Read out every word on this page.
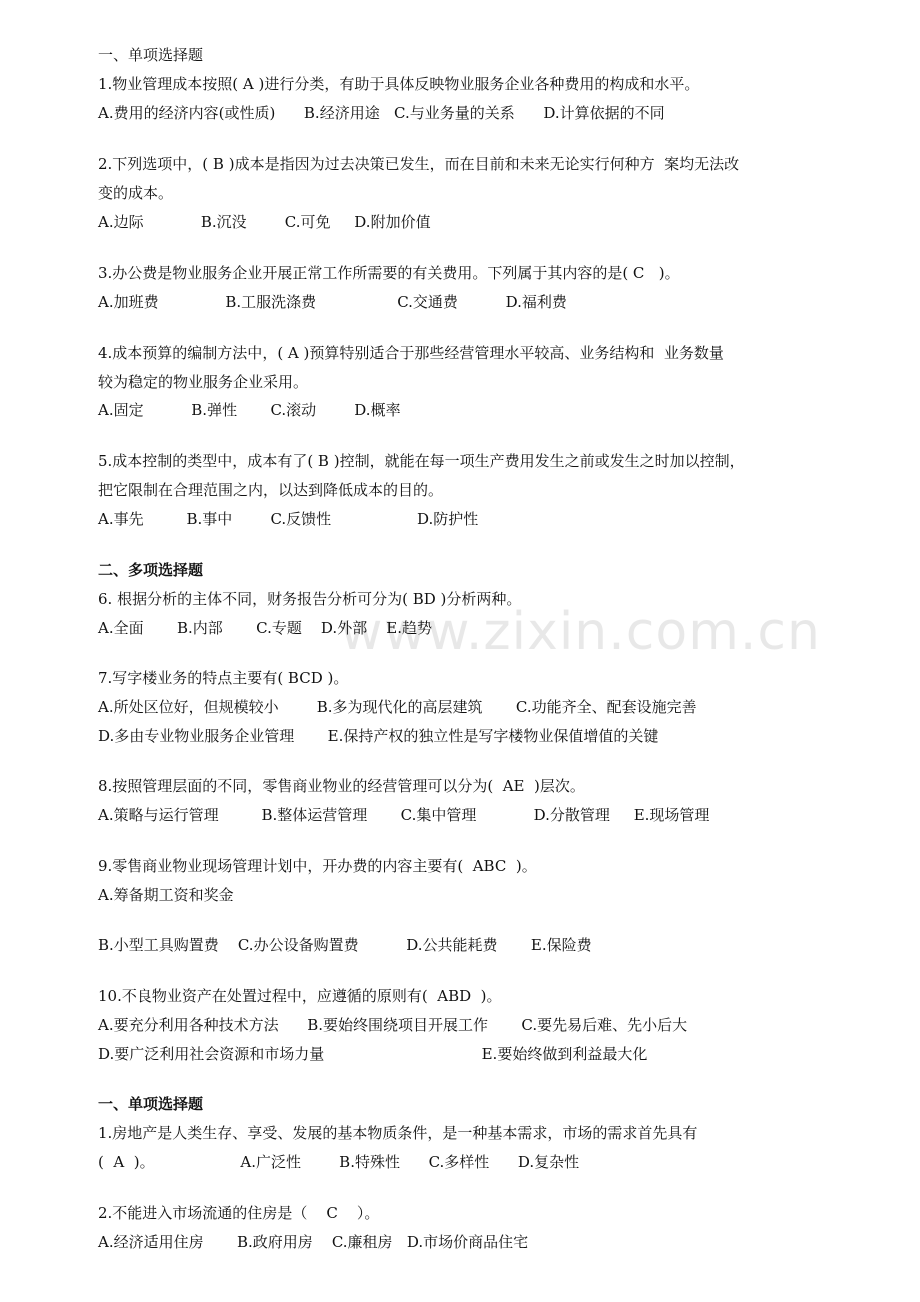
一、单项选择题
1.物业管理成本按照( A )进行分类，有助于具体反映物业服务企业各种费用的构成和水平。
A.费用的经济内容(或性质)      B.经济用途   C.与业务量的关系      D.计算依据的不同
2.下列选项中，( B )成本是指因为过去决策已发生，而在目前和未来无论实行何种方  案均无法改
变的成本。
A.边际            B.沉没        C.可免     D.附加价值
3.办公费是物业服务企业开展正常工作所需要的有关费用。下列属于其内容的是( C   )。
A.加班费              B.工服洗涤费                 C.交通费          D.福利费
4.成本预算的编制方法中，( A )预算特别适合于那些经营管理水平较高、业务结构和  业务数量
较为稳定的物业服务企业采用。
A.固定          B.弹性       C.滚动        D.概率
5.成本控制的类型中，成本有了( B )控制，就能在每一项生产费用发生之前或发生之时加以控制，
把它限制在合理范围之内，以达到降低成本的目的。
A.事先         B.事中        C.反馈性                  D.防护性
二、多项选择题
6. 根据分析的主体不同，财务报告分析可分为( BD )分析两种。
A.全面       B.内部       C.专题    D.外部    E.趋势
7.写字楼业务的特点主要有( BCD )。
A.所处区位好，但规模较小        B.多为现代化的高层建筑       C.功能齐全、配套设施完善
D.多由专业物业服务企业管理       E.保持产权的独立性是写字楼物业保值增值的关键
8.按照管理层面的不同，零售商业物业的经营管理可以分为(  AE  )层次。
A.策略与运行管理         B.整体运营管理       C.集中管理            D.分散管理     E.现场管理
9.零售商业物业现场管理计划中，开办费的内容主要有(  ABC  )。
A.筹备期工资和奖金
B.小型工具购置费    C.办公设备购置费          D.公共能耗费       E.保险费
10.不良物业资产在处置过程中，应遵循的原则有(  ABD  )。
A.要充分利用各种技术方法      B.要始终围绕项目开展工作       C.要先易后难、先小后大
D.要广泛利用社会资源和市场力量                                 E.要始终做到利益最大化
一、单项选择题
1.房地产是人类生存、享受、发展的基本物质条件，是一种基本需求，市场的需求首先具有
(  A  )。                  A.广泛性        B.特殊性      C.多样性      D.复杂性
2.不能进入市场流通的住房是（    C    ）。
A.经济适用住房       B.政府用房    C.廉租房   D.市场价商品住宅
www.zixin.com.cn
